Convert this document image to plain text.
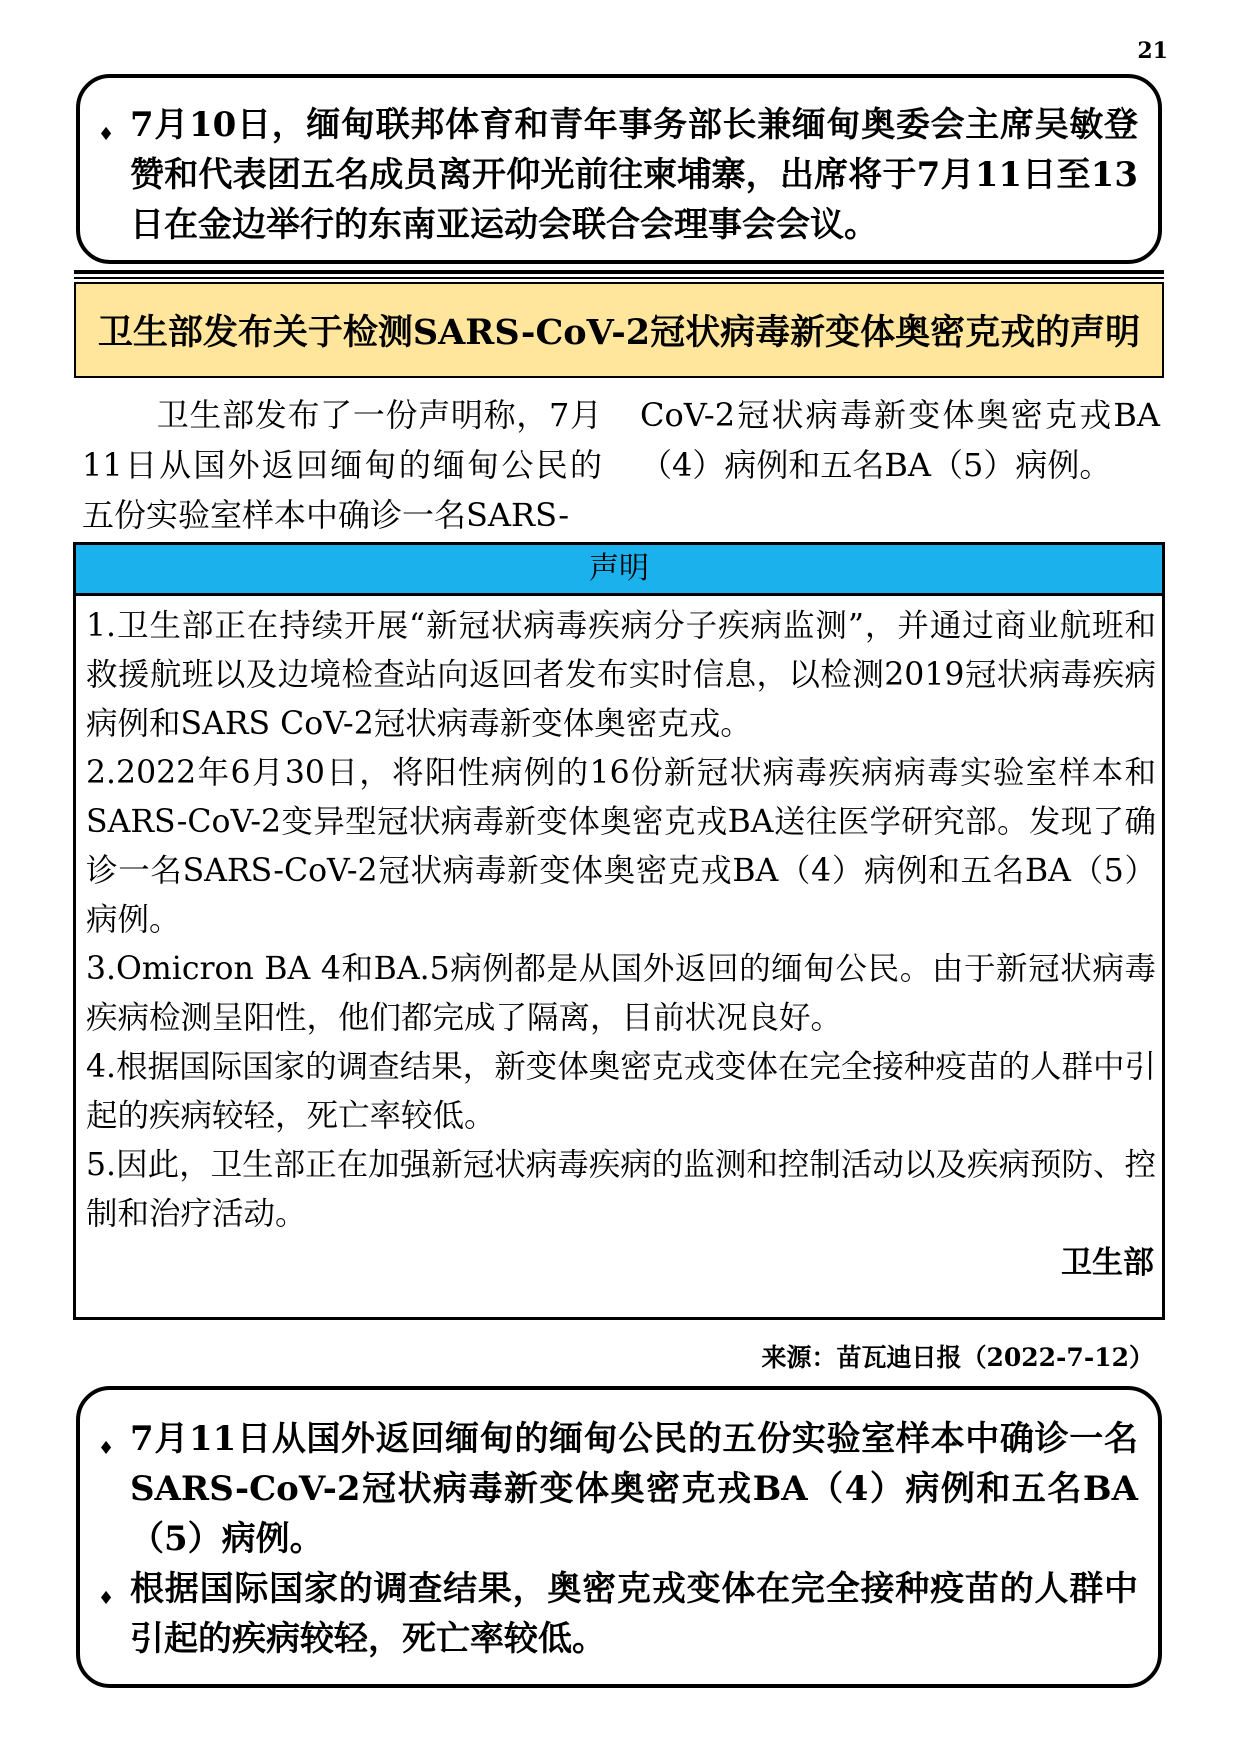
21
♦ 7月10日，缅甸联邦体育和青年事务部长兼缅甸奥委会主席吴敏登赞和代表团五名成员离开仰光前往柬埔寨，出席将于7月11日至13日在金边举行的东南亚运动会联合会理事会会议。
卫生部发布关于检测SARS-CoV-2冠状病毒新变体奥密克戎的声明
卫生部发布了一份声明称，7月11日从国外返回缅甸的缅甸公民的五份实验室样本中确诊一名SARS-
CoV-2冠状病毒新变体奥密克戎BA（4）病例和五名BA（5）病例。
声明

1.卫生部正在持续开展“新冠状病毒疾病分子疾病监测”，并通过商业航班和救援航班以及边境检查站向返回者发布实时信息，以检测2019冠状病毒疾病病例和SARS CoV-2冠状病毒新变体奥密克戎。

2.2022年6月30日，将阳性病例的16份新冠状病毒疾病病毒实验室样本和SARS-CoV-2变异型冠状病毒新变体奥密克戎BA送往医学研究部。发现了确诊一名SARS-CoV-2冠状病毒新变体奥密克戎BA（4）病例和五名BA（5）病例。

3.Omicron BA 4和BA.5病例都是从国外返回的缅甸公民。由于新冠状病毒疾病检测呈阳性，他们都完成了隔离，目前状况良好。

4.根据国际国家的调查结果，新变体奥密克戎变体在完全接种疫苗的人群中引起的疾病较轻，死亡率较低。

5.因此，卫生部正在加强新冠状病毒疾病的监测和控制活动以及疾病预防、控制和治疗活动。

卫生部
来源：苗瓦迪日报（2022-7-12）
♦ 7月11日从国外返回缅甸的缅甸公民的五份实验室样本中确诊一名SARS-CoV-2冠状病毒新变体奥密克戎BA（4）病例和五名BA（5）病例。
♦ 根据国际国家的调查结果，奥密克戎变体在完全接种疫苗的人群中引起的疾病较轻，死亡率较低。
